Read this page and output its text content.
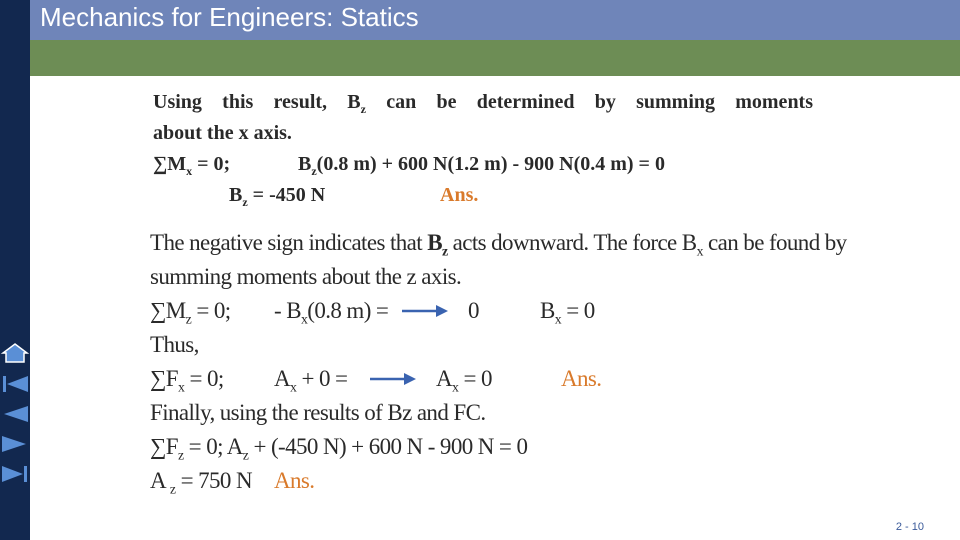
Mechanics for Engineers: Statics
Using this result, $B_z$ can be determined by summing moments
about the x axis.
$\sum M_x = 0$;	$B_z(0.8$ m) + 600 N(1.2 m) - 900 N(0.4 m) = 0
$B_z = -450$ N	Ans.
The negative sign indicates that $B_z$ acts downward. The force $B_x$ can be found by
summing moments about the z axis.
$\sum M_z = 0$; - $B_x(0.8$ m) =	0	$B_x = 0$
Thus,
$\sum F_x = 0$; $A_x + 0$ =	$A_x = 0$	Ans.
Finally, using the results of Bz and FC.
$\sum F_z = 0$; $A_z + (-450$ N) + 600 N - 900 N = 0
A $_z$ = 750 N Ans.
2 - 10
